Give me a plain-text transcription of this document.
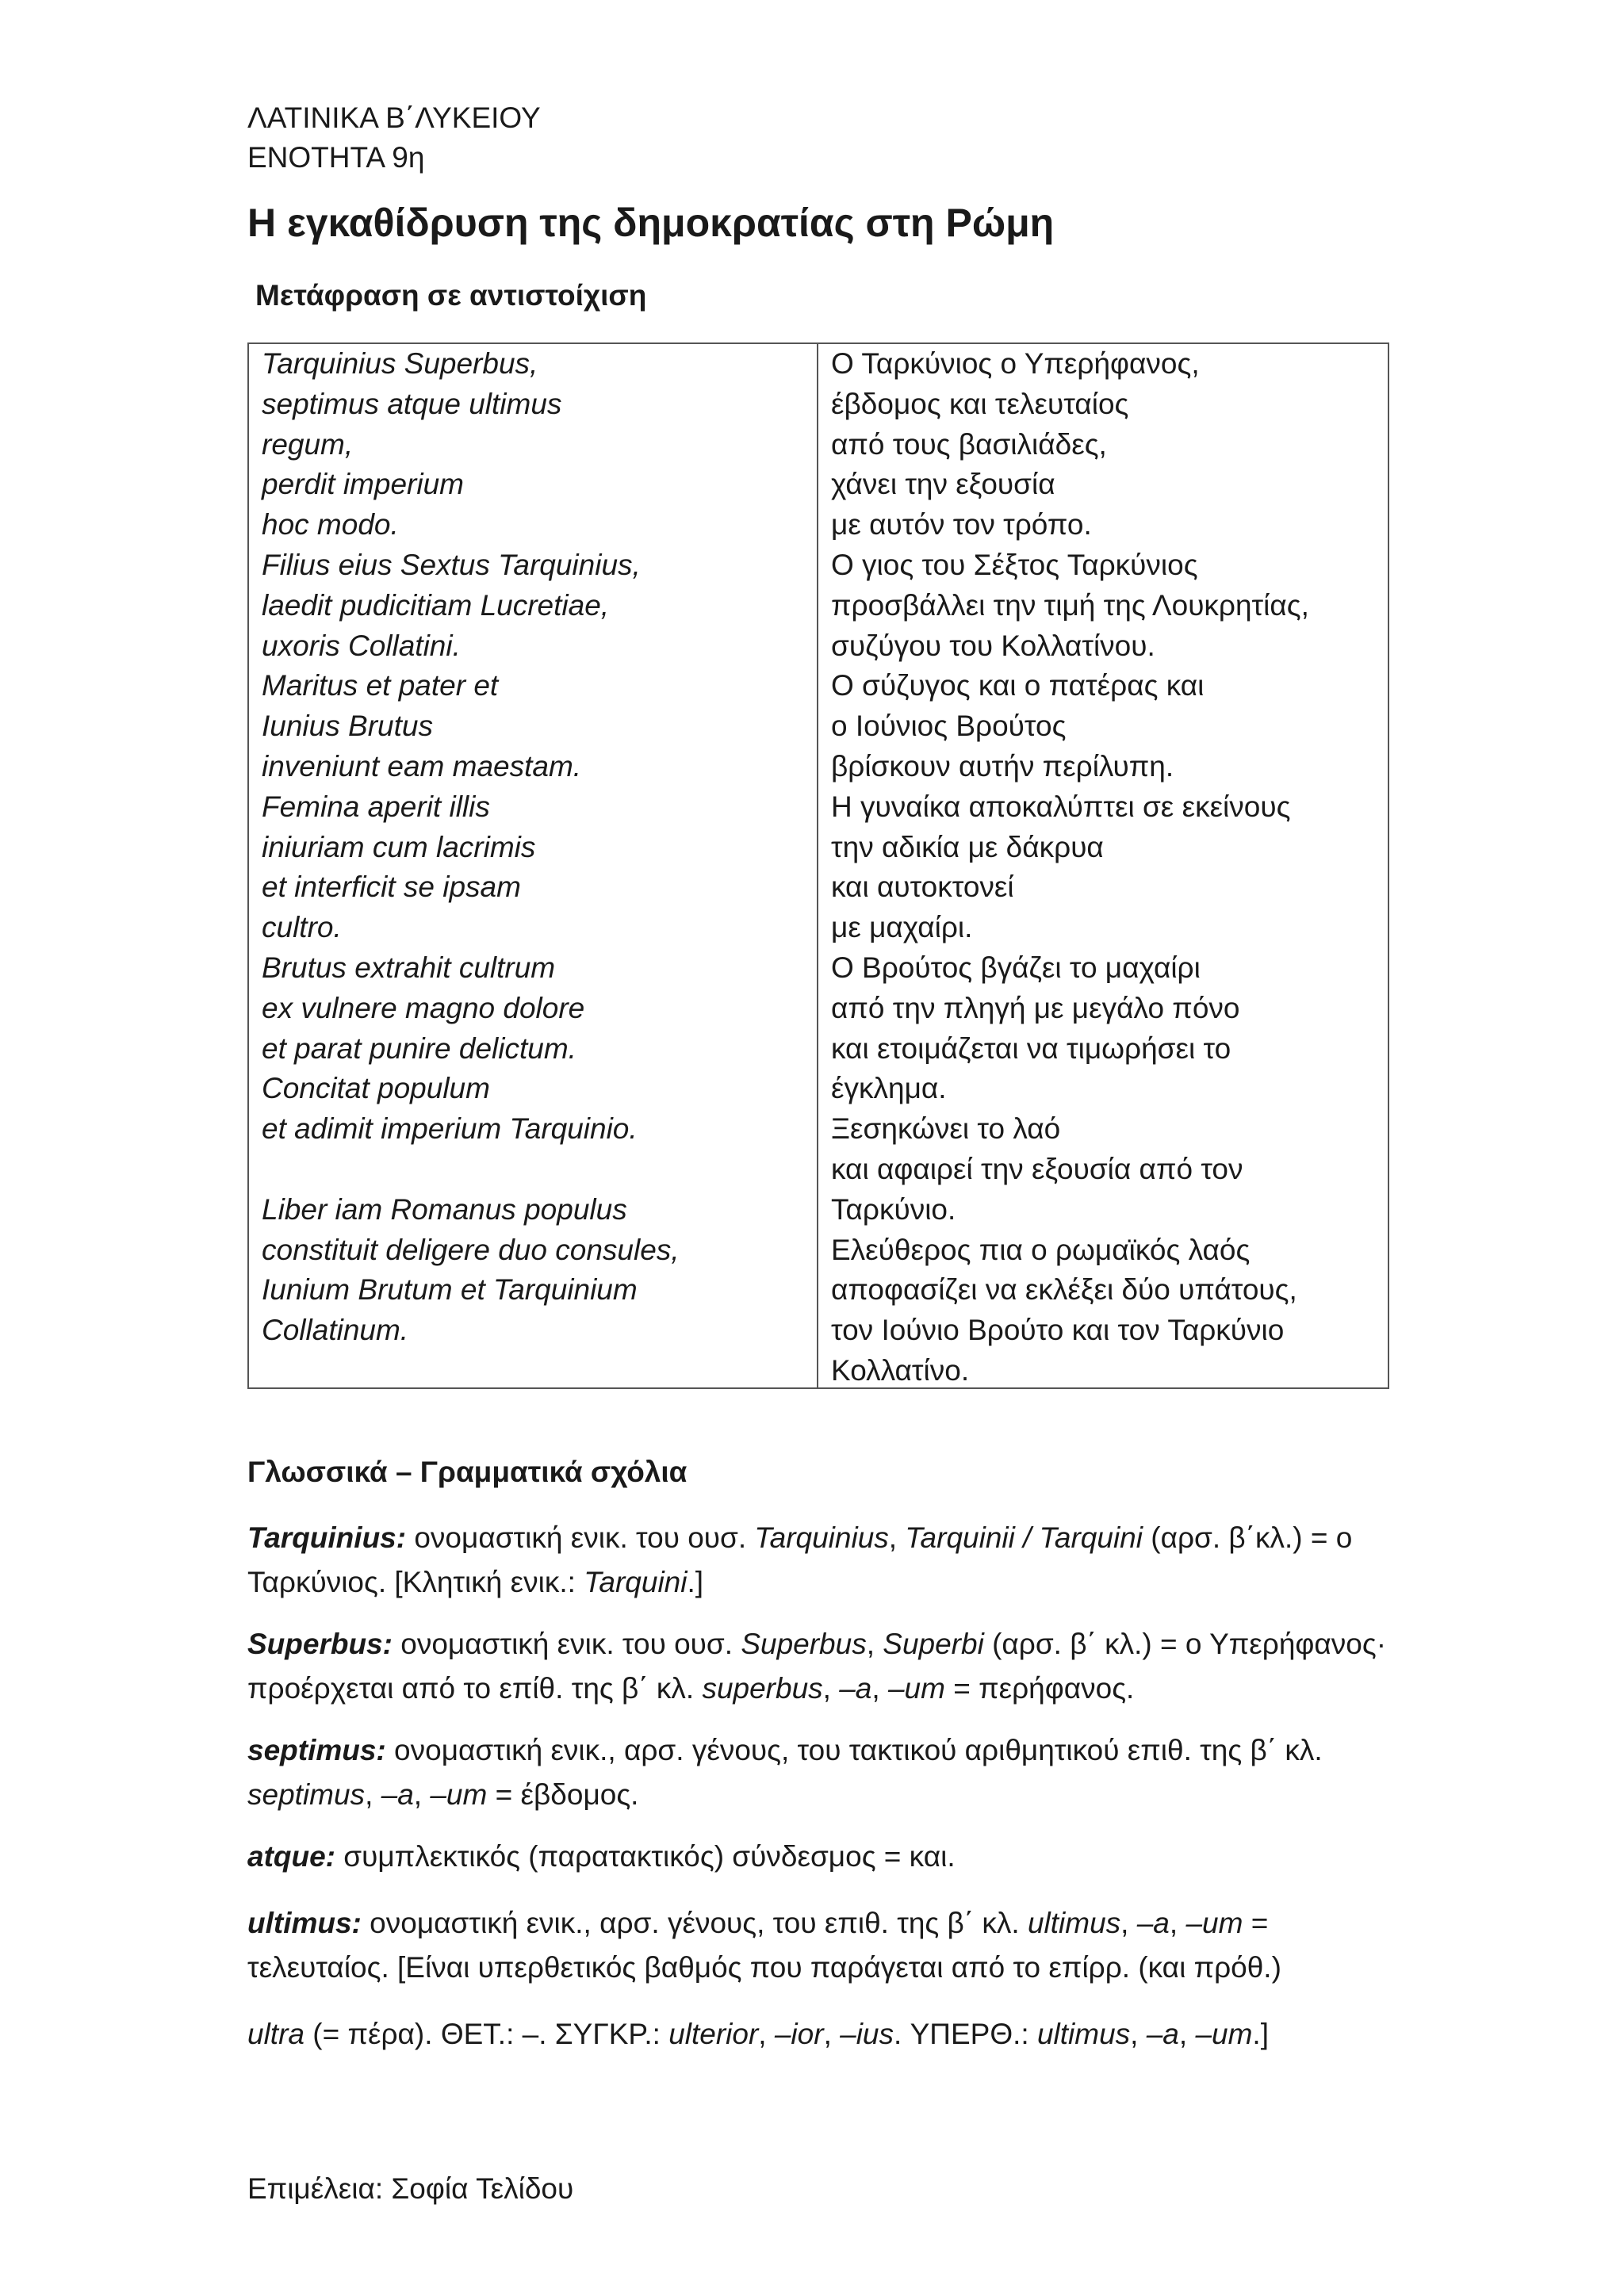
ΛΑΤΙΝΙΚΑ Β΄ΛΥΚΕΙΟΥ
ΕΝΟΤΗΤΑ 9η
Η εγκαθίδρυση της δημοκρατίας στη Ρώμη
Μετάφραση σε αντιστοίχιση
Tarquinius Superbus,
septimus atque ultimus
regum,
perdit imperium
hoc modo.
Filius eius Sextus Tarquinius,
laedit pudicitiam Lucretiae,
uxoris Collatini.
Maritus et pater et
Iunius Brutus
inveniunt eam maestam.
Femina aperit illis
iniuriam cum lacrimis
et interficit se ipsam
cultro.
Brutus extrahit cultrum
ex vulnere magno dolore
et parat punire delictum.
Concitat populum
et adimit imperium Tarquinio.
Liber iam Romanus populus
constituit deligere duo consules,
Iunium Brutum et Tarquinium
Collatinum.
Ο Ταρκύνιος ο Υπερήφανος,
έβδομος και τελευταίος
από τους βασιλιάδες,
χάνει την εξουσία
με αυτόν τον τρόπο.
Ο γιος του Σέξτος Ταρκύνιος
προσβάλλει την τιμή της Λουκρητίας,
συζύγου του Κολλατίνου.
Ο σύζυγος και ο πατέρας και
ο Ιούνιος Βρούτος
βρίσκουν αυτήν περίλυπη.
Η γυναίκα αποκαλύπτει σε εκείνους
την αδικία με δάκρυα
και αυτοκτονεί
με μαχαίρι.
Ο Βρούτος βγάζει το μαχαίρι
από την πληγή με μεγάλο πόνο
και ετοιμάζεται να τιμωρήσει το
έγκλημα.
Ξεσηκώνει το λαό
και αφαιρεί την εξουσία από τον
Ταρκύνιο.
Ελεύθερος πια ο ρωμαϊκός λαός
αποφασίζει να εκλέξει δύο υπάτους,
τον Ιούνιο Βρούτο και τον Ταρκύνιο
Κολλατίνο.
Γλωσσικά – Γραμματικά σχόλια
Tarquinius: ονομαστική ενικ. του ουσ. Tarquinius, Tarquinii / Tarquini (αρσ. β΄κλ.) = ο Ταρκύνιος. [Κλητική ενικ.: Tarquini.]
Superbus: ονομαστική ενικ. του ουσ. Superbus, Superbi (αρσ. β΄ κλ.) = ο Υπερήφανος· προέρχεται από το επίθ. της β΄ κλ. superbus, –a, –um = περήφανος.
septimus: ονομαστική ενικ., αρσ. γένους, του τακτικού αριθμητικού επιθ. της β΄ κλ. septimus, –a, –um = έβδομος.
atque: συμπλεκτικός (παρατακτικός) σύνδεσμος = και.
ultimus: ονομαστική ενικ., αρσ. γένους, του επιθ. της β΄ κλ. ultimus, –a, –um = τελευταίος. [Είναι υπερθετικός βαθμός που παράγεται από το επίρρ. (και πρόθ.)
ultra (= πέρα). ΘΕΤ.: –. ΣΥΓΚΡ.: ulterior, –ior, –ius. ΥΠΕΡΘ.: ultimus, –a, –um.]
Επιμέλεια: Σοφία Τελίδου
